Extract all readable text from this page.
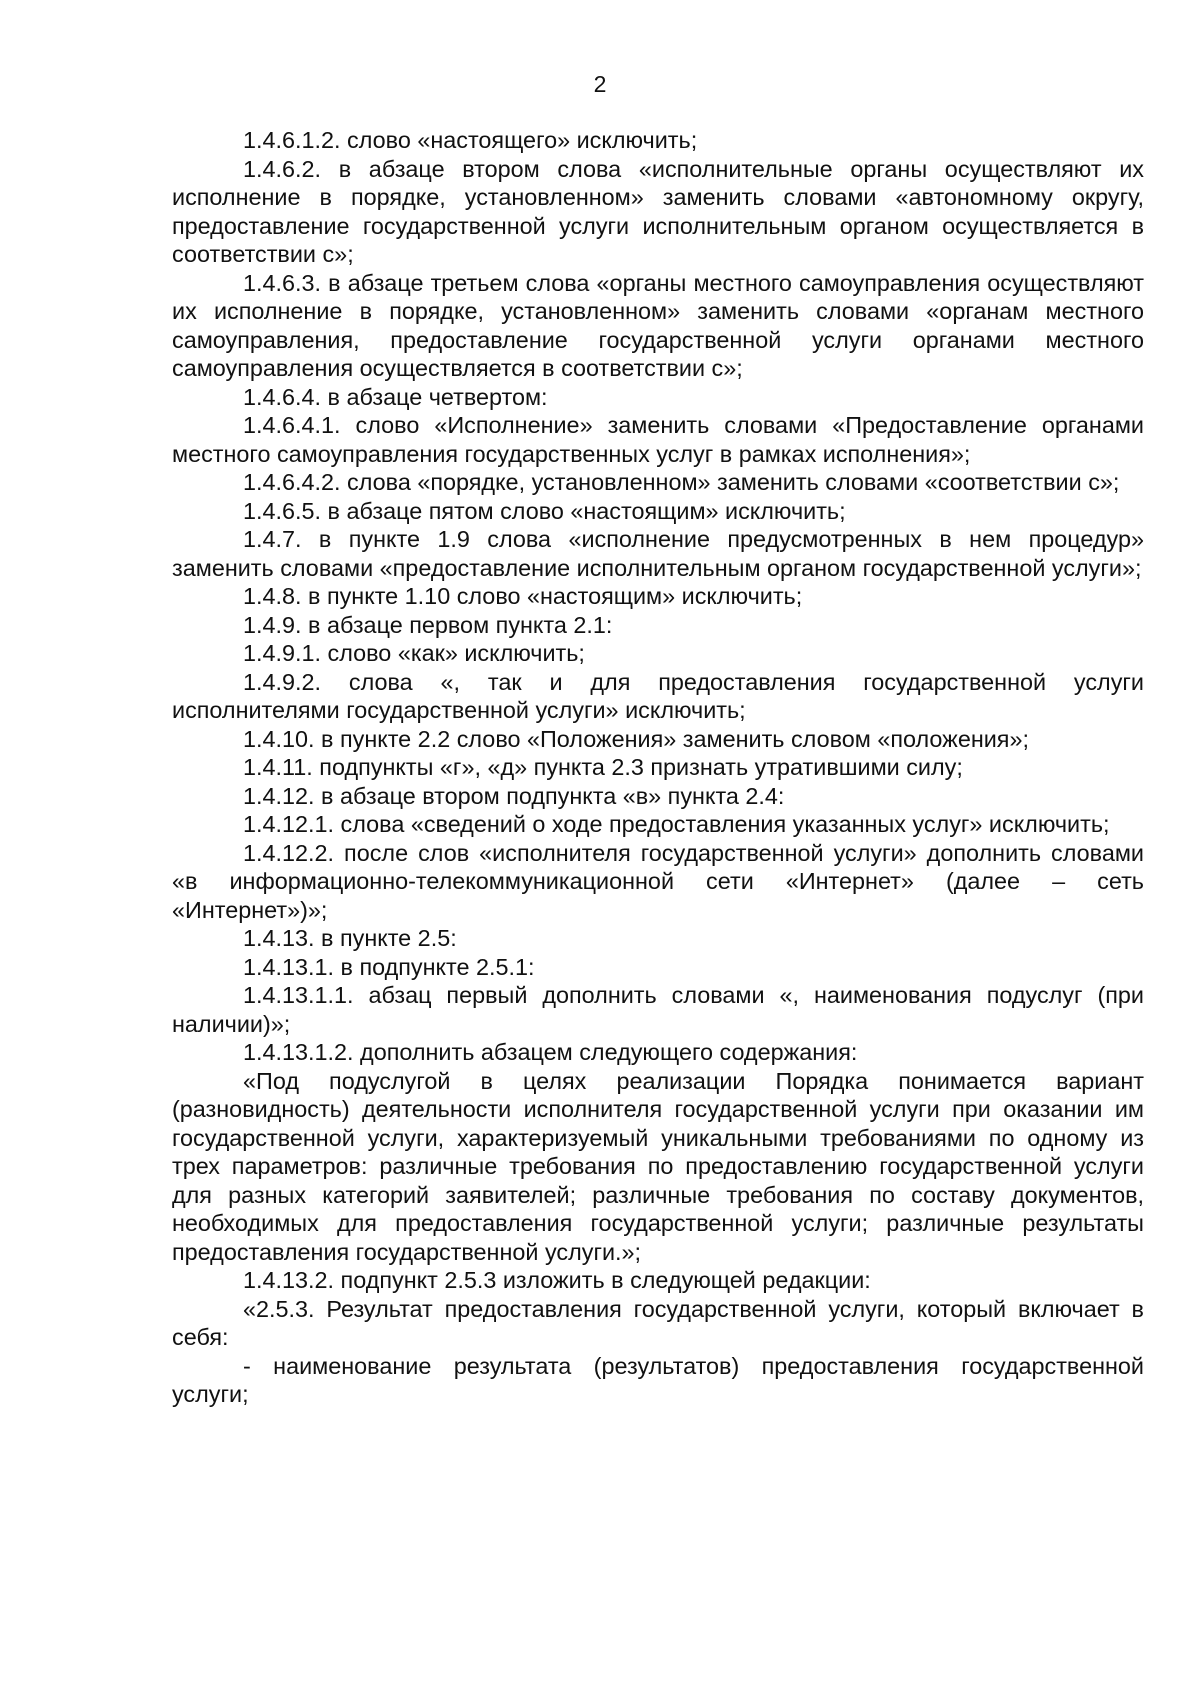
2

1.4.6.1.2. слово «настоящего» исключить;

1.4.6.2. в абзаце втором слова «исполнительные органы осуществляют их исполнение в порядке, установленном» заменить словами «автономному округу, предоставление государственной услуги исполнительным органом осуществляется в соответствии с»;

1.4.6.3. в абзаце третьем слова «органы местного самоуправления осуществляют их исполнение в порядке, установленном» заменить словами «органам местного самоуправления, предоставление государственной услуги органами местного самоуправления осуществляется в соответствии с»;

1.4.6.4. в абзаце четвертом:

1.4.6.4.1. слово «Исполнение» заменить словами «Предоставление органами местного самоуправления государственных услуг в рамках исполнения»;

1.4.6.4.2. слова «порядке, установленном» заменить словами «соответствии с»;

1.4.6.5. в абзаце пятом слово «настоящим» исключить;

1.4.7. в пункте 1.9 слова «исполнение предусмотренных в нем процедур» заменить словами «предоставление исполнительным органом государственной услуги»;

1.4.8. в пункте 1.10 слово «настоящим» исключить;

1.4.9. в абзаце первом пункта 2.1:

1.4.9.1. слово «как» исключить;

1.4.9.2. слова «, так и для предоставления государственной услуги исполнителями государственной услуги» исключить;

1.4.10. в пункте 2.2 слово «Положения» заменить словом «положения»;

1.4.11. подпункты «г», «д» пункта 2.3 признать утратившими силу;

1.4.12. в абзаце втором подпункта «в» пункта 2.4:

1.4.12.1. слова «сведений о ходе предоставления указанных услуг» исключить;

1.4.12.2. после слов «исполнителя государственной услуги» дополнить словами «в информационно-телекоммуникационной сети «Интернет» (далее – сеть «Интернет»)»;

1.4.13. в пункте 2.5:

1.4.13.1. в подпункте 2.5.1:

1.4.13.1.1. абзац первый дополнить словами «, наименования подуслуг (при наличии)»;

1.4.13.1.2. дополнить абзацем следующего содержания:

«Под подуслугой в целях реализации Порядка понимается вариант (разновидность) деятельности исполнителя государственной услуги при оказании им государственной услуги, характеризуемый уникальными требованиями по одному из трех параметров: различные требования по предоставлению государственной услуги для разных категорий заявителей; различные требования по составу документов, необходимых для предоставления государственной услуги; различные результаты предоставления государственной услуги.»;

1.4.13.2. подпункт 2.5.3 изложить в следующей редакции:

«2.5.3. Результат предоставления государственной услуги, который включает в себя:

- наименование результата (результатов) предоставления государственной услуги;
